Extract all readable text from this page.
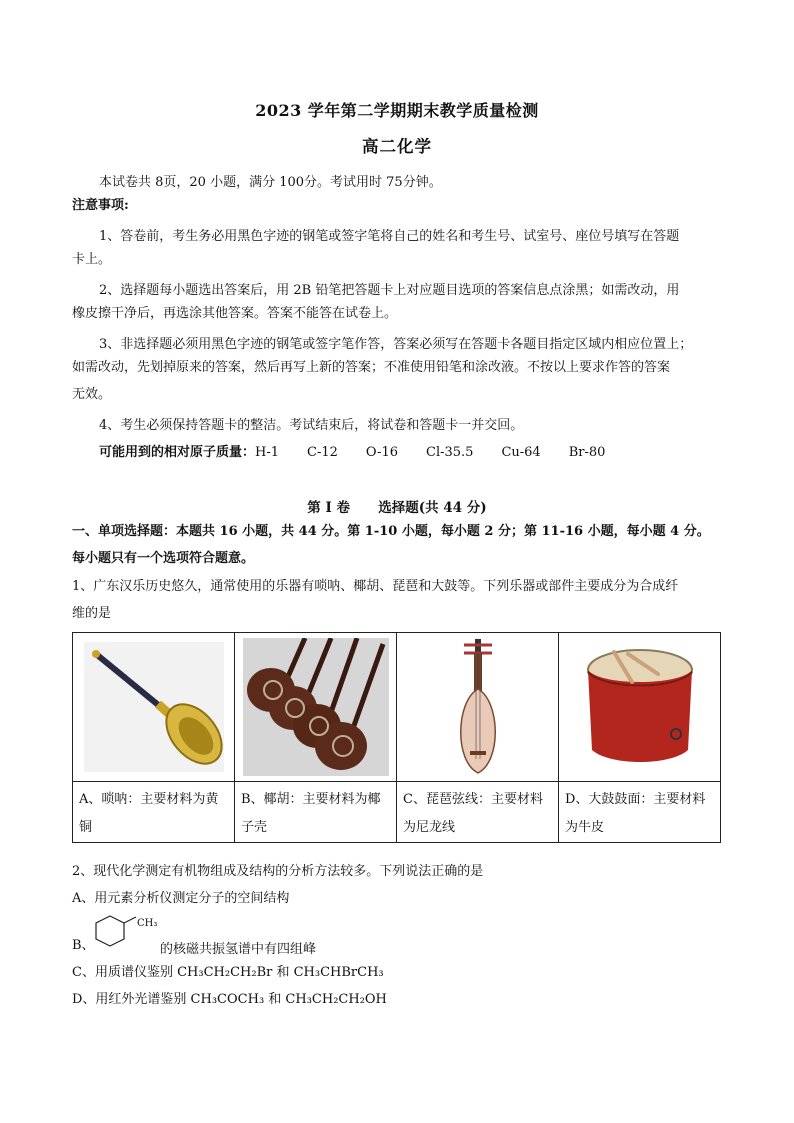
2023 学年第二学期期末教学质量检测
高二化学
本试卷共 8页，20 小题，满分 100分。考试用时 75分钟。
注意事项:
1、答卷前，考生务必用黑色字迹的钢笔或签字笔将自己的姓名和考生号、试室号、座位号填写在答题
卡上。
2、选择题每小题选出答案后，用 2B 铅笔把答题卡上对应题目选项的答案信息点涂黑；如需改动，用
橡皮擦干净后，再选涂其他答案。答案不能答在试卷上。
3、非选择题必须用黑色字迹的钢笔或签字笔作答，答案必须写在答题卡各题目指定区域内相应位置上；
如需改动，先划掉原来的答案，然后再写上新的答案；不准使用铅笔和涂改液。不按以上要求作答的答案
无效。
4、考生必须保持答题卡的整洁。考试结束后，将试卷和答题卡一并交回。
可能用到的相对原子质量：H-1 C-12 O-16 Cl-35.5 Cu-64 Br-80
第 I 卷      选择题(共 44 分)
一、单项选择题：本题共 16 小题，共 44 分。第 1-10 小题，每小题 2 分；第 11-16 小题，每小题 4 分。
每小题只有一个选项符合题意。
1、广东汉乐历史悠久，通常使用的乐器有唢呐、椰胡、琵琶和大鼓等。下列乐器或部件主要成分为合成纤
维的是

A、唢呐：主要材料为黄铜	B、椰胡：主要材料为椰子壳	C、琵琶弦线：主要材料为尼龙线	D、大鼓鼓面：主要材料为牛皮
2、现代化学测定有机物组成及结构的分析方法较多。下列说法正确的是
A、用元素分析仪测定分子的空间结构
B、
CH₃
的核磁共振氢谱中有四组峰
C、用质谱仪鉴别 CH₃CH₂CH₂Br 和 CH₃CHBrCH₃
D、用红外光谱鉴别 CH₃COCH₃ 和 CH₃CH₂CH₂OH
